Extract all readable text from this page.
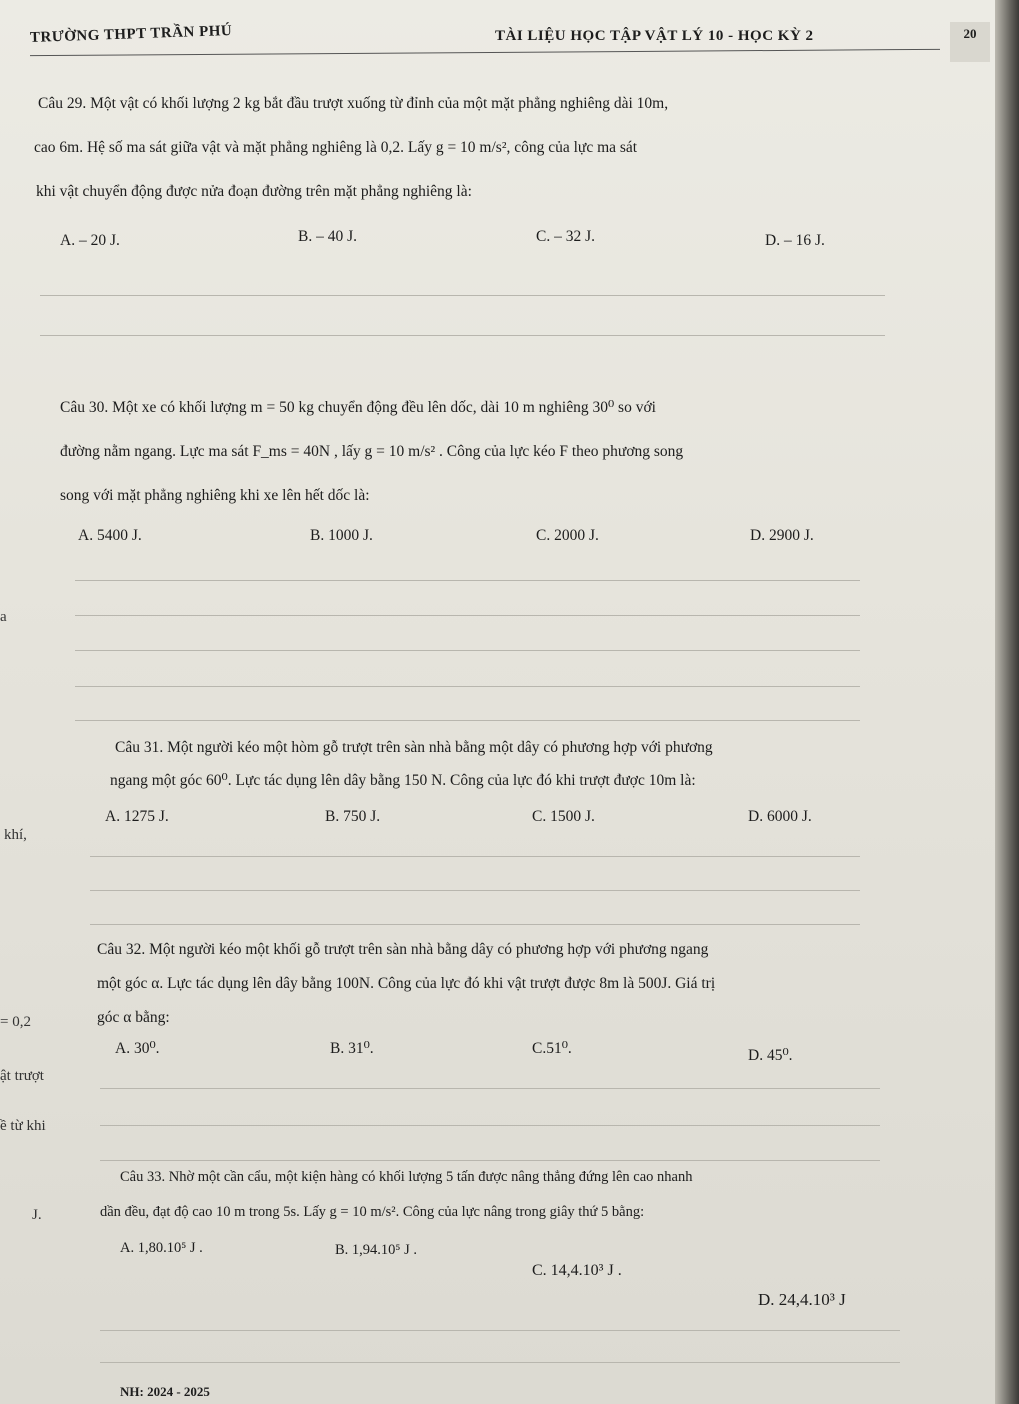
TRƯỜNG THPT TRẦN PHÚ	TÀI LIỆU HỌC TẬP VẬT LÝ 10 - HỌC KỲ 2	20
Câu 29. Một vật có khối lượng 2 kg bắt đầu trượt xuống từ đỉnh của một mặt phẳng nghiêng dài 10m,
cao 6m. Hệ số ma sát giữa vật và mặt phẳng nghiêng là 0,2. Lấy g = 10 m/s², công của lực ma sát
khi vật chuyển động được nửa đoạn đường trên mặt phẳng nghiêng là:
A. – 20 J.	B. – 40 J.	C. – 32 J.	D. – 16 J.
Câu 30. Một xe có khối lượng m = 50 kg chuyển động đều lên dốc, dài 10 m nghiêng 30⁰ so với
đường nằm ngang. Lực ma sát F_ms = 40N , lấy g = 10 m/s² . Công của lực kéo F theo phương song
song với mặt phẳng nghiêng khi xe lên hết dốc là:
A. 5400 J.	B. 1000 J.	C. 2000 J.	D. 2900 J.
a
Câu 31. Một người kéo một hòm gỗ trượt trên sàn nhà bằng một dây có phương hợp với phương
ngang một góc 60⁰. Lực tác dụng lên dây bằng 150 N. Công của lực đó khi trượt được 10m là:
khí,
A. 1275 J.	B. 750 J.	C. 1500 J.	D. 6000 J.
Câu 32. Một người kéo một khối gỗ trượt trên sàn nhà bằng dây có phương hợp với phương ngang
một góc α. Lực tác dụng lên dây bằng 100N. Công của lực đó khi vật trượt được 8m là 500J. Giá trị
góc α bằng:
= 0,2
A. 30⁰.	B. 31⁰.	C.51⁰.	D. 45⁰.
ật trượt
ề từ khi
Câu 33. Nhờ một cần cẩu, một kiện hàng có khối lượng 5 tấn được nâng thẳng đứng lên cao nhanh
dần đều, đạt độ cao 10 m trong 5s. Lấy g = 10 m/s². Công của lực nâng trong giây thứ 5 bằng:
J.
A. 1,80.10⁵ J .	B. 1,94.10⁵ J .
C. 14,4.10³ J .
D. 24,4.10³ J
NH: 2024 - 2025
